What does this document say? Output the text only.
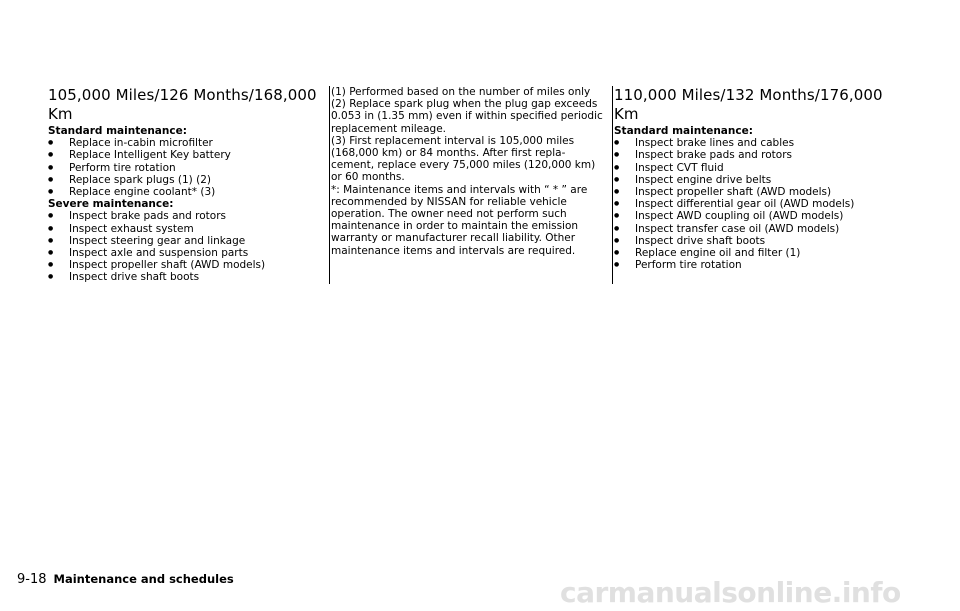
105,000 Miles/126 Months/168,000 Km

Standard maintenance:

● Replace in-cabin microfilter
● Replace Intelligent Key battery
● Perform tire rotation
● Replace spark plugs (1) (2)
● Replace engine coolant* (3)

Severe maintenance:

● Inspect brake pads and rotors
● Inspect exhaust system
● Inspect steering gear and linkage
● Inspect axle and suspension parts
● Inspect propeller shaft (AWD models)
● Inspect drive shaft boots

(1) Performed based on the number of miles only

(2) Replace spark plug when the plug gap exceeds 0.053 in (1.35 mm) even if within specified periodic replacement mileage.

(3) First replacement interval is 105,000 miles (168,000 km) or 84 months. After first repla- cement, replace every 75,000 miles (120,000 km) or 60 months.

*: Maintenance items and intervals with “ * ” are recommended by NISSAN for reliable vehicle operation. The owner need not perform such maintenance in order to maintain the emission warranty or manufacturer recall liability. Other maintenance items and intervals are required.

110,000 Miles/132 Months/176,000 Km

Standard maintenance:

● Inspect brake lines and cables
● Inspect brake pads and rotors
● Inspect CVT fluid
● Inspect engine drive belts
● Inspect propeller shaft (AWD models)
● Inspect differential gear oil (AWD models)
● Inspect AWD coupling oil (AWD models)
● Inspect transfer case oil (AWD models)
● Inspect drive shaft boots
● Replace engine oil and filter (1)
● Perform tire rotation
9-18 Maintenance and schedules	carmanualsonline.info
